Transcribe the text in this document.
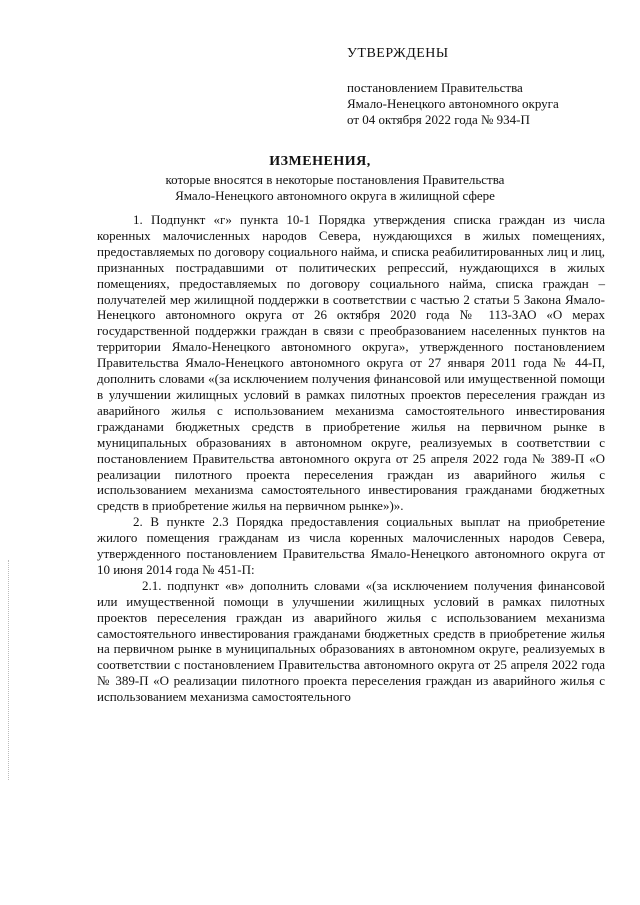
УТВЕРЖДЕНЫ
постановлением Правительства
Ямало-Ненецкого автономного округа
от 04 октября 2022 года № 934-П
ИЗМЕНЕНИЯ,
которые вносятся в некоторые постановления Правительства
Ямало-Ненецкого автономного округа в жилищной сфере

1. Подпункт «г» пункта 10-1 Порядка утверждения списка граждан из числа коренных малочисленных народов Севера, нуждающихся в жилых помещениях, предоставляемых по договору социального найма, и списка реабилитированных лиц и лиц, признанных пострадавшими от политических репрессий, нуждающихся в жилых помещениях, предоставляемых по договору социального найма, списка граждан – получателей мер жилищной поддержки в соответствии с частью 2 статьи 5 Закона Ямало-Ненецкого автономного округа от 26 октября 2020 года № 113-ЗАО «О мерах государственной поддержки граждан в связи с преобразованием населенных пунктов на территории Ямало-Ненецкого автономного округа», утвержденного постановлением Правительства Ямало-Ненецкого автономного округа от 27 января 2011 года № 44-П, дополнить словами «(за исключением получения финансовой или имущественной помощи в улучшении жилищных условий в рамках пилотных проектов переселения граждан из аварийного жилья с использованием механизма самостоятельного инвестирования гражданами бюджетных средств в приобретение жилья на первичном рынке в муниципальных образованиях в автономном округе, реализуемых в соответствии с постановлением Правительства автономного округа от 25 апреля 2022 года № 389-П «О реализации пилотного проекта переселения граждан из аварийного жилья с использованием механизма самостоятельного инвестирования гражданами бюджетных средств в приобретение жилья на первичном рынке»)».

2. В пункте 2.3 Порядка предоставления социальных выплат на приобретение жилого помещения гражданам из числа коренных малочисленных народов Севера, утвержденного постановлением Правительства Ямало-Ненецкого автономного округа от 10 июня 2014 года № 451-П:

2.1. подпункт «в» дополнить словами «(за исключением получения финансовой или имущественной помощи в улучшении жилищных условий в рамках пилотных проектов переселения граждан из аварийного жилья с использованием механизма самостоятельного инвестирования гражданами бюджетных средств в приобретение жилья на первичном рынке в муниципальных образованиях в автономном округе, реализуемых в соответствии с постановлением Правительства автономного округа от 25 апреля 2022 года № 389-П «О реализации пилотного проекта переселения граждан из аварийного жилья с использованием механизма самостоятельного
